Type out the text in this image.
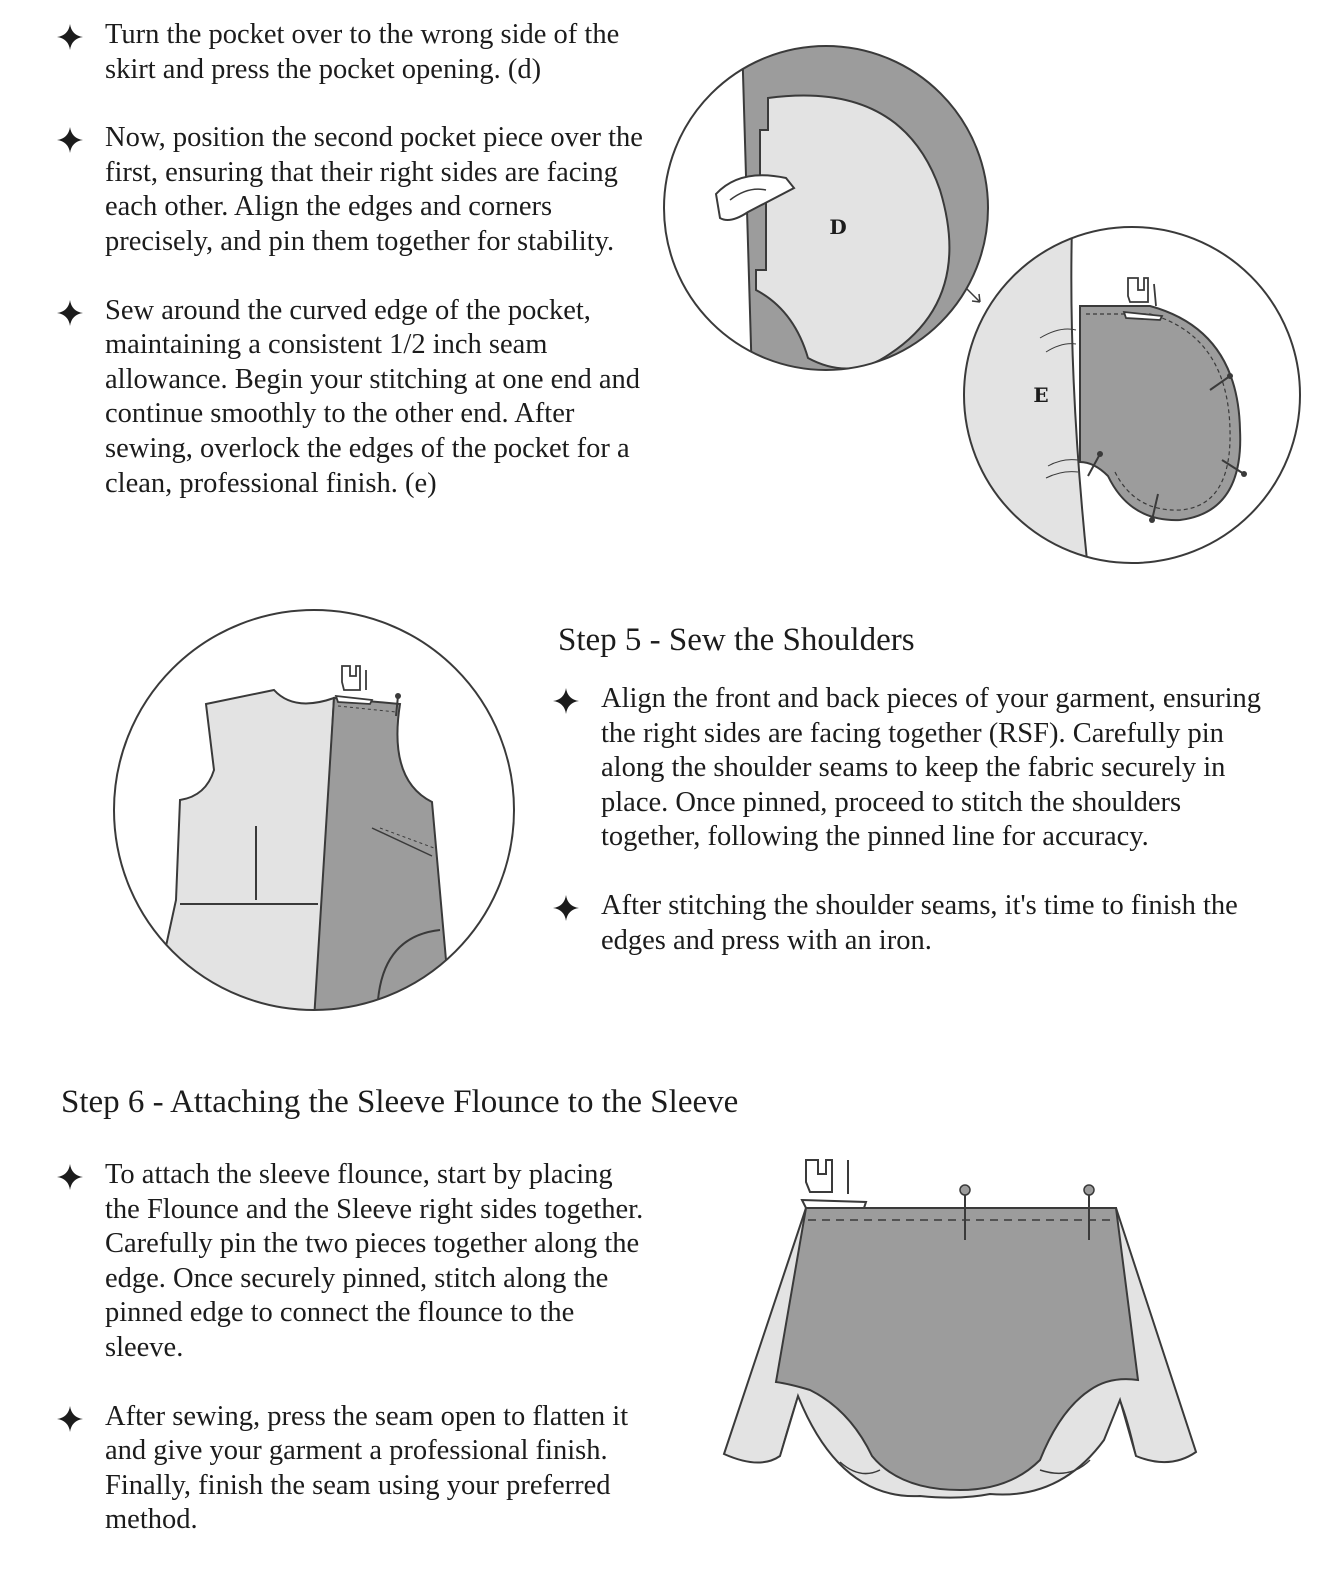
Turn the pocket over to the wrong side of the skirt and press the pocket opening. (d)

Now, position the second pocket piece over the first, ensuring that their right sides are facing each other. Align the edges and corners precisely, and pin them together for stability.

Sew around the curved edge of the pocket, maintaining a consistent 1/2 inch seam allowance. Begin your stitching at one end and continue smoothly to the other end. After sewing, overlock the edges of the pocket for a clean, professional finish. (e)

D
E
Step 5 - Sew the Shoulders

Align the front and back pieces of your garment, ensuring the right sides are facing together (RSF). Carefully pin along the shoulder seams to keep the fabric securely in place. Once pinned, proceed to stitch the shoulders together, following the pinned line for accuracy.

After stitching the shoulder seams, it's time to finish the edges and press with an iron.

Step 6 - Attaching the Sleeve Flounce to the Sleeve

To attach the sleeve flounce, start by placing the Flounce and the Sleeve right sides together. Carefully pin the two pieces together along the edge. Once securely pinned, stitch along the pinned edge to connect the flounce to the sleeve.

After sewing, press the seam open to flatten it and give your garment a professional finish. Finally, finish the seam using your preferred method.
